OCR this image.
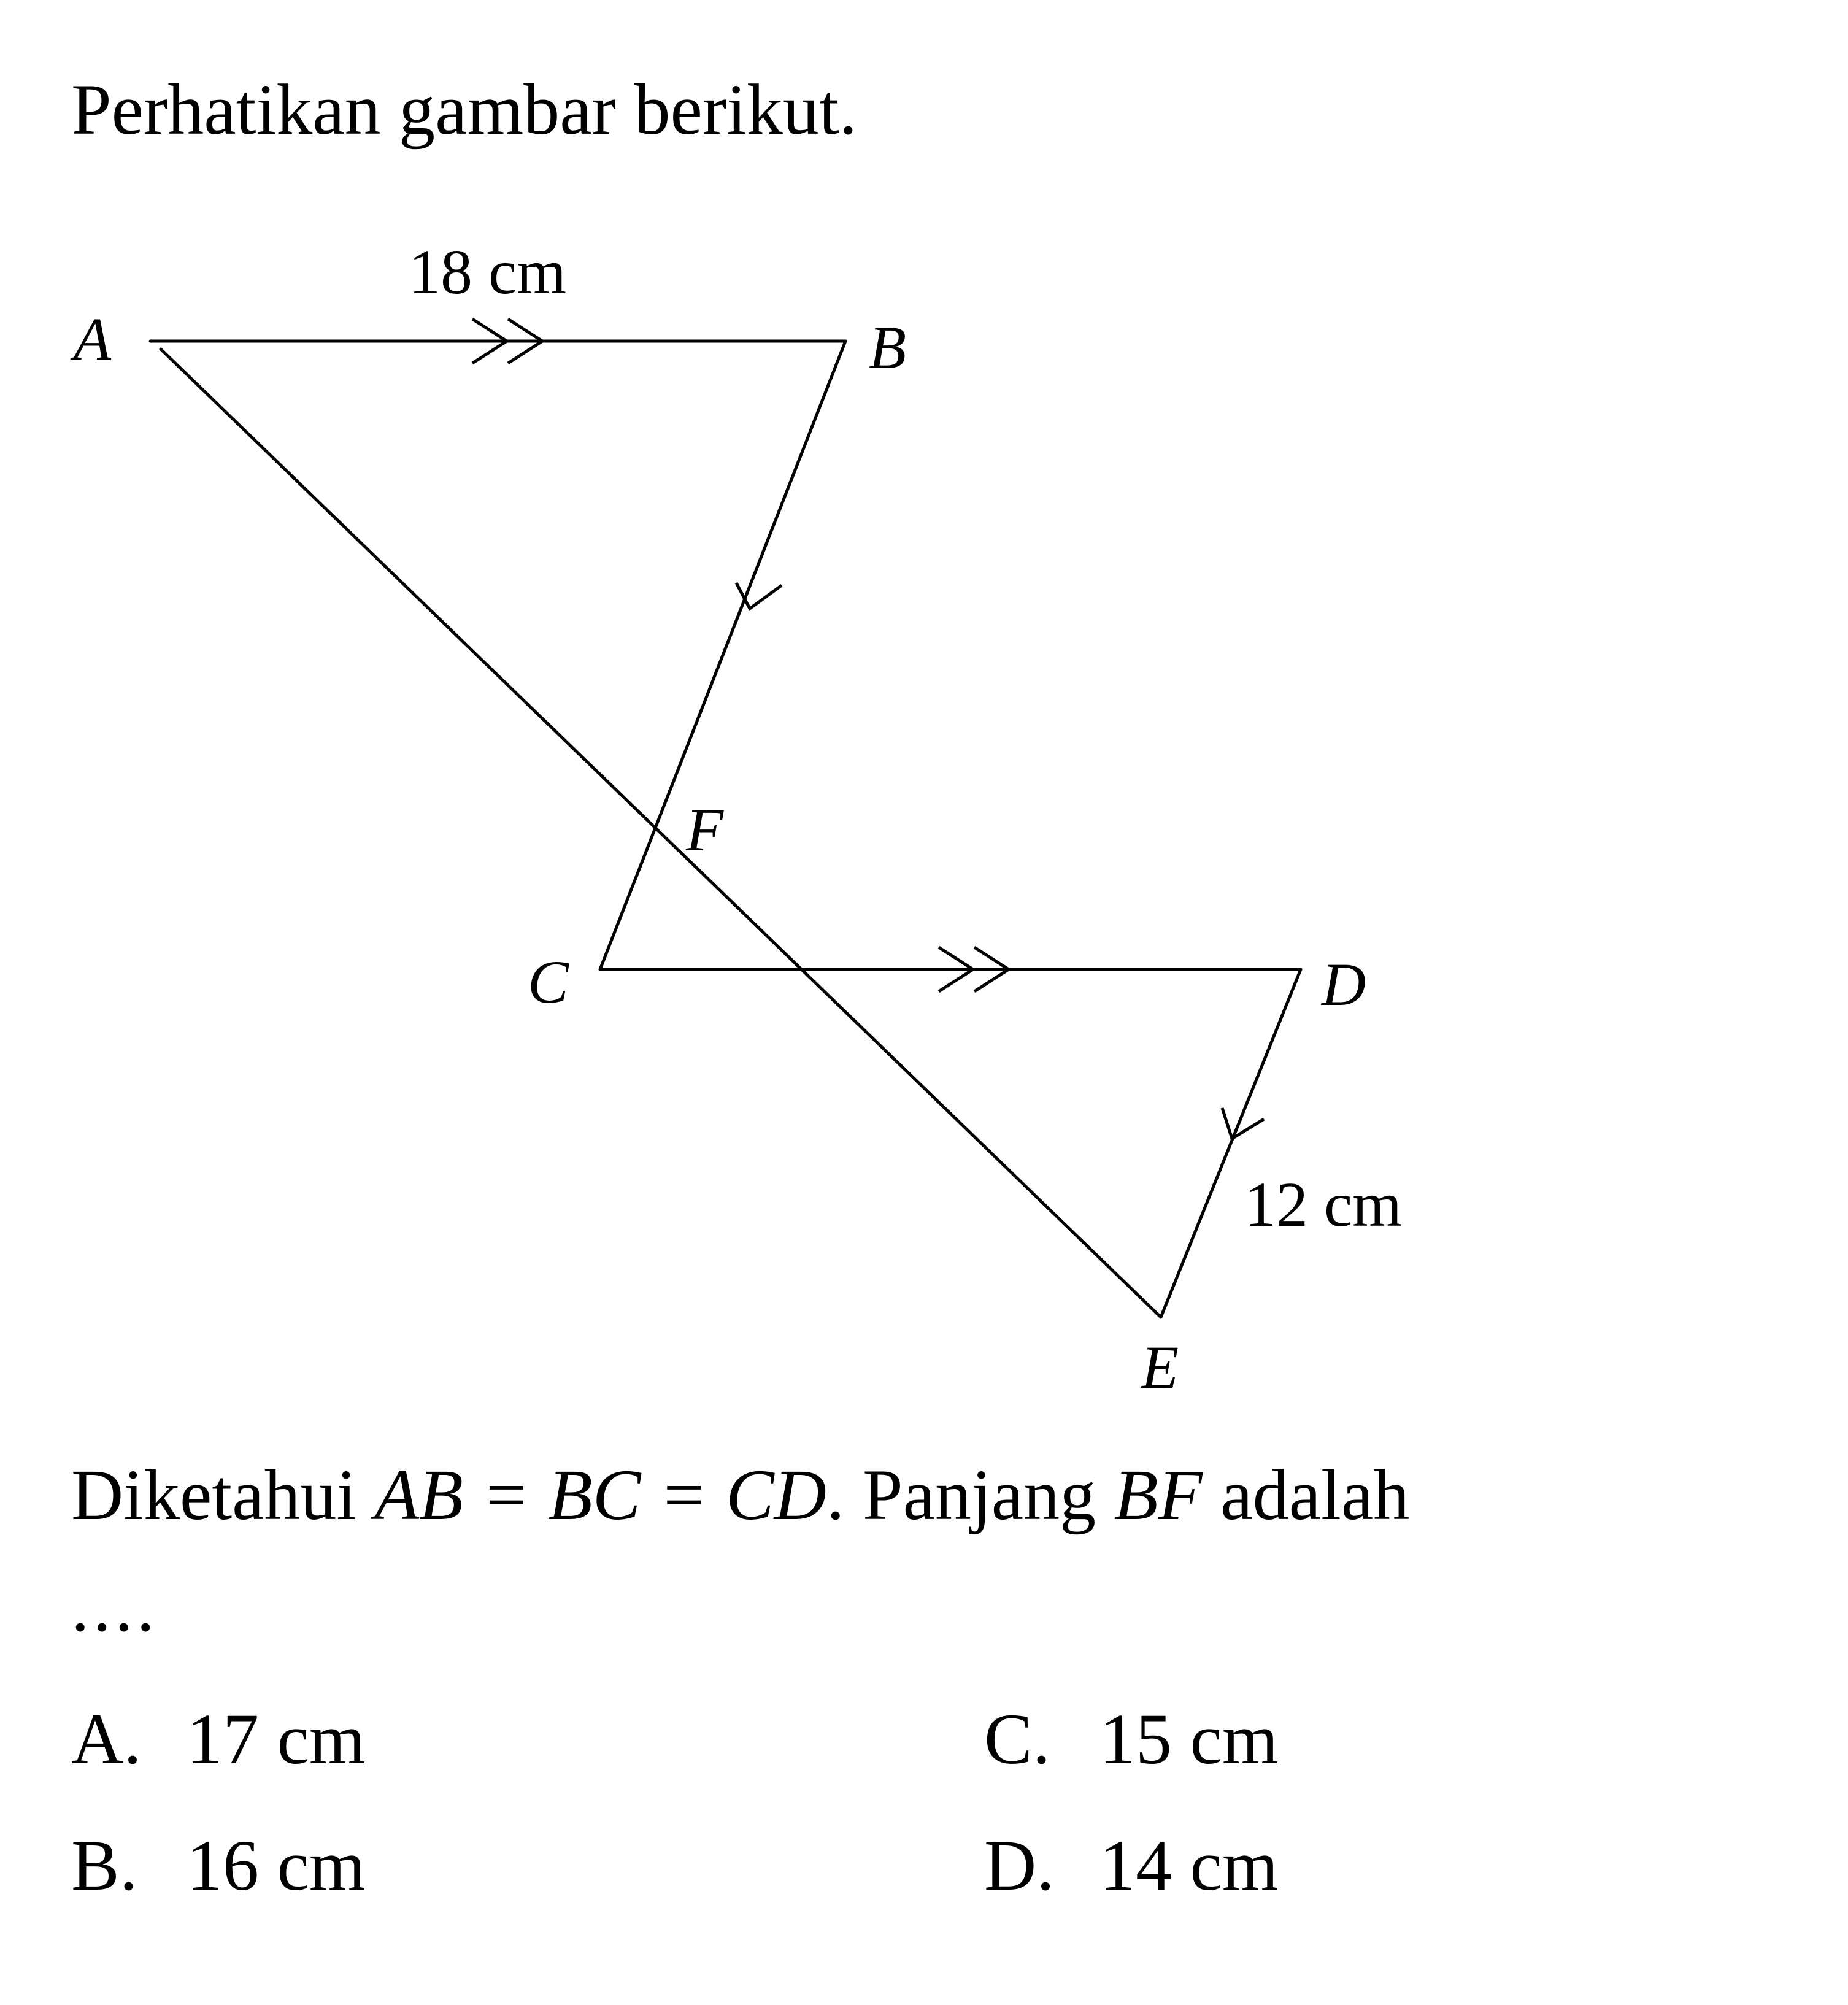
Perhatikan gambar berikut.
A	B
F
C	D
E
18 cm
12 cm
Diketahui AB = BC = CD. Panjang BF adalah
....
A. 17 cm
B. 16 cm
C. 15 cm
D. 14 cm
